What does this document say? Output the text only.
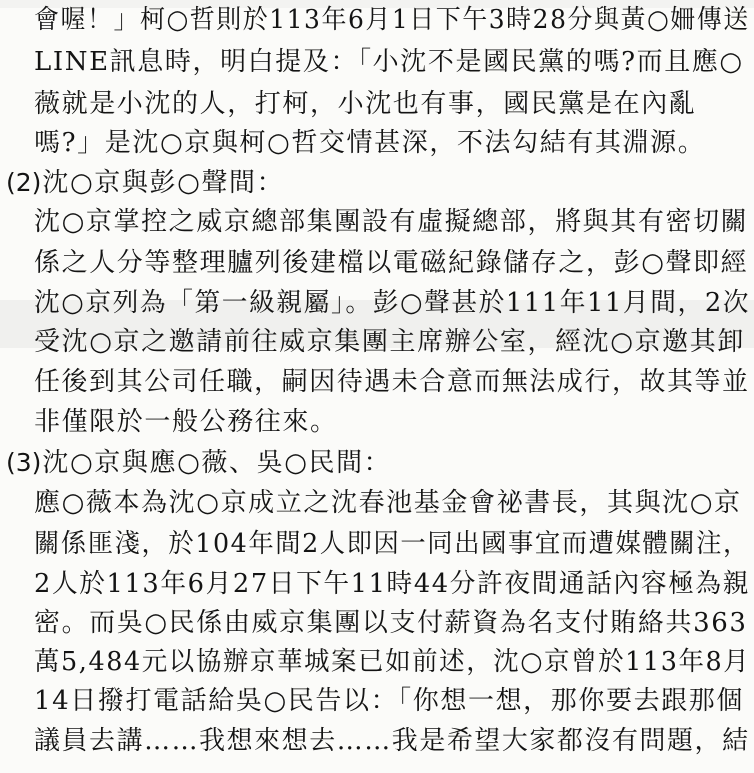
會喔！」柯○哲則於113年6月1日下午3時28分與黃○姍傳送
LINE訊息時，明白提及：「小沈不是國民黨的嗎?而且應○
薇就是小沈的人，打柯，小沈也有事，國民黨是在內亂
嗎?」是沈○京與柯○哲交情甚深，不法勾結有其淵源。
(2)沈○京與彭○聲間：
沈○京掌控之威京總部集團設有虛擬總部，將與其有密切關
係之人分等整理臚列後建檔以電磁紀錄儲存之，彭○聲即經
沈○京列為「第一級親屬」。彭○聲甚於111年11月間，2次
受沈○京之邀請前往威京集團主席辦公室，經沈○京邀其卸
任後到其公司任職，嗣因待遇未合意而無法成行，故其等並
非僅限於一般公務往來。
(3)沈○京與應○薇、吳○民間：
應○薇本為沈○京成立之沈春池基金會祕書長，其與沈○京
關係匪淺，於104年間2人即因一同出國事宜而遭媒體關注，
2人於113年6月27日下午11時44分許夜間通話內容極為親
密。而吳○民係由威京集團以支付薪資為名支付賄絡共363
萬5,484元以協辦京華城案已如前述，沈○京曾於113年8月
14日撥打電話給吳○民告以：「你想一想，那你要去跟那個
議員去講……我想來想去……我是希望大家都沒有問題，結
